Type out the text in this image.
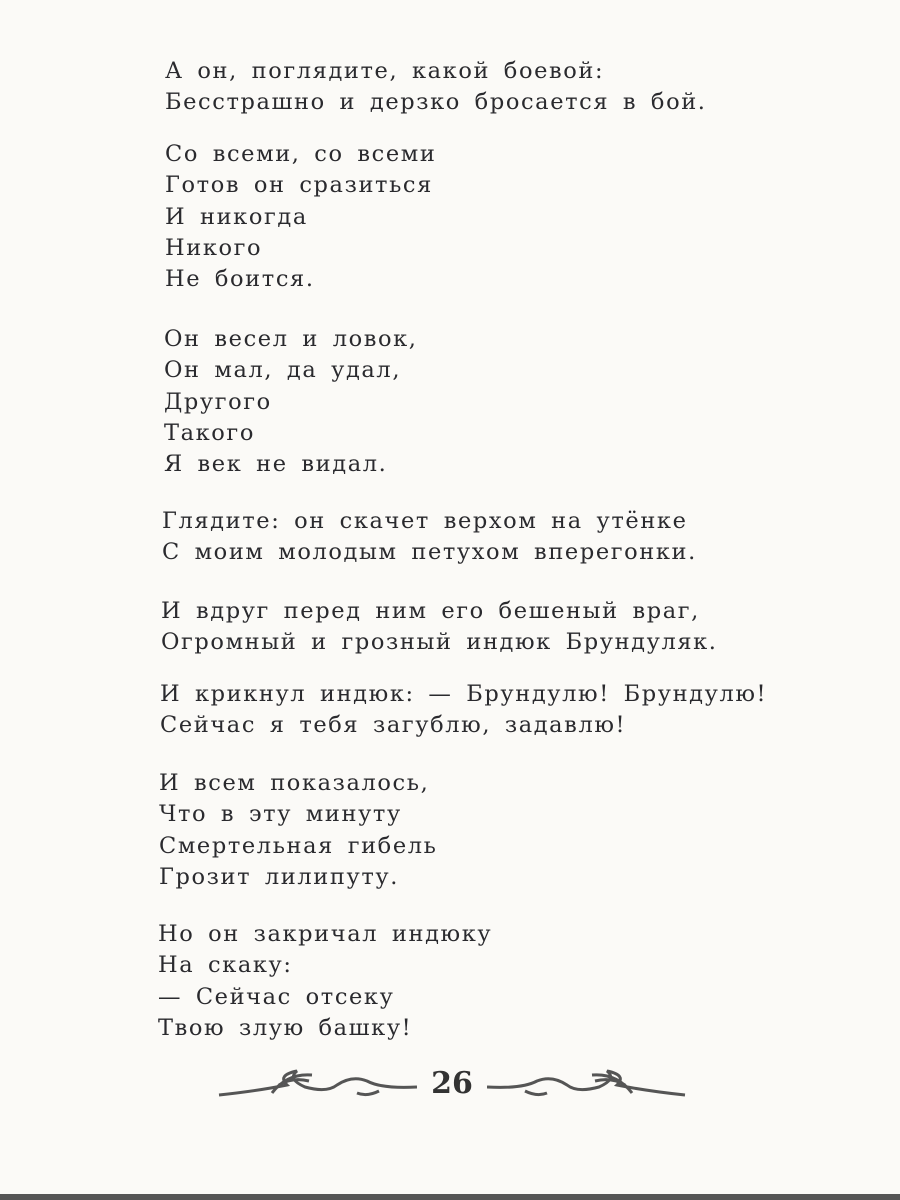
А он, поглядите, какой боевой:
Бесстрашно и дерзко бросается в бой.
Со всеми, со всеми
Готов он сразиться
И никогда
Никого
Не боится.
Он весел и ловок,
Он мал, да удал,
Другого
Такого
Я век не видал.
Глядите: он скачет верхом на утёнке
С моим молодым петухом вперегонки.
И вдруг перед ним его бешеный враг,
Огромный и грозный индюк Брундуляк.
И крикнул индюк: — Брундулю! Брундулю!
Сейчас я тебя загублю, задавлю!
И всем показалось,
Что в эту минуту
Смертельная гибель
Грозит лилипуту.
Но он закричал индюку
На скаку:
— Сейчас отсеку
Твою злую башку!
26
